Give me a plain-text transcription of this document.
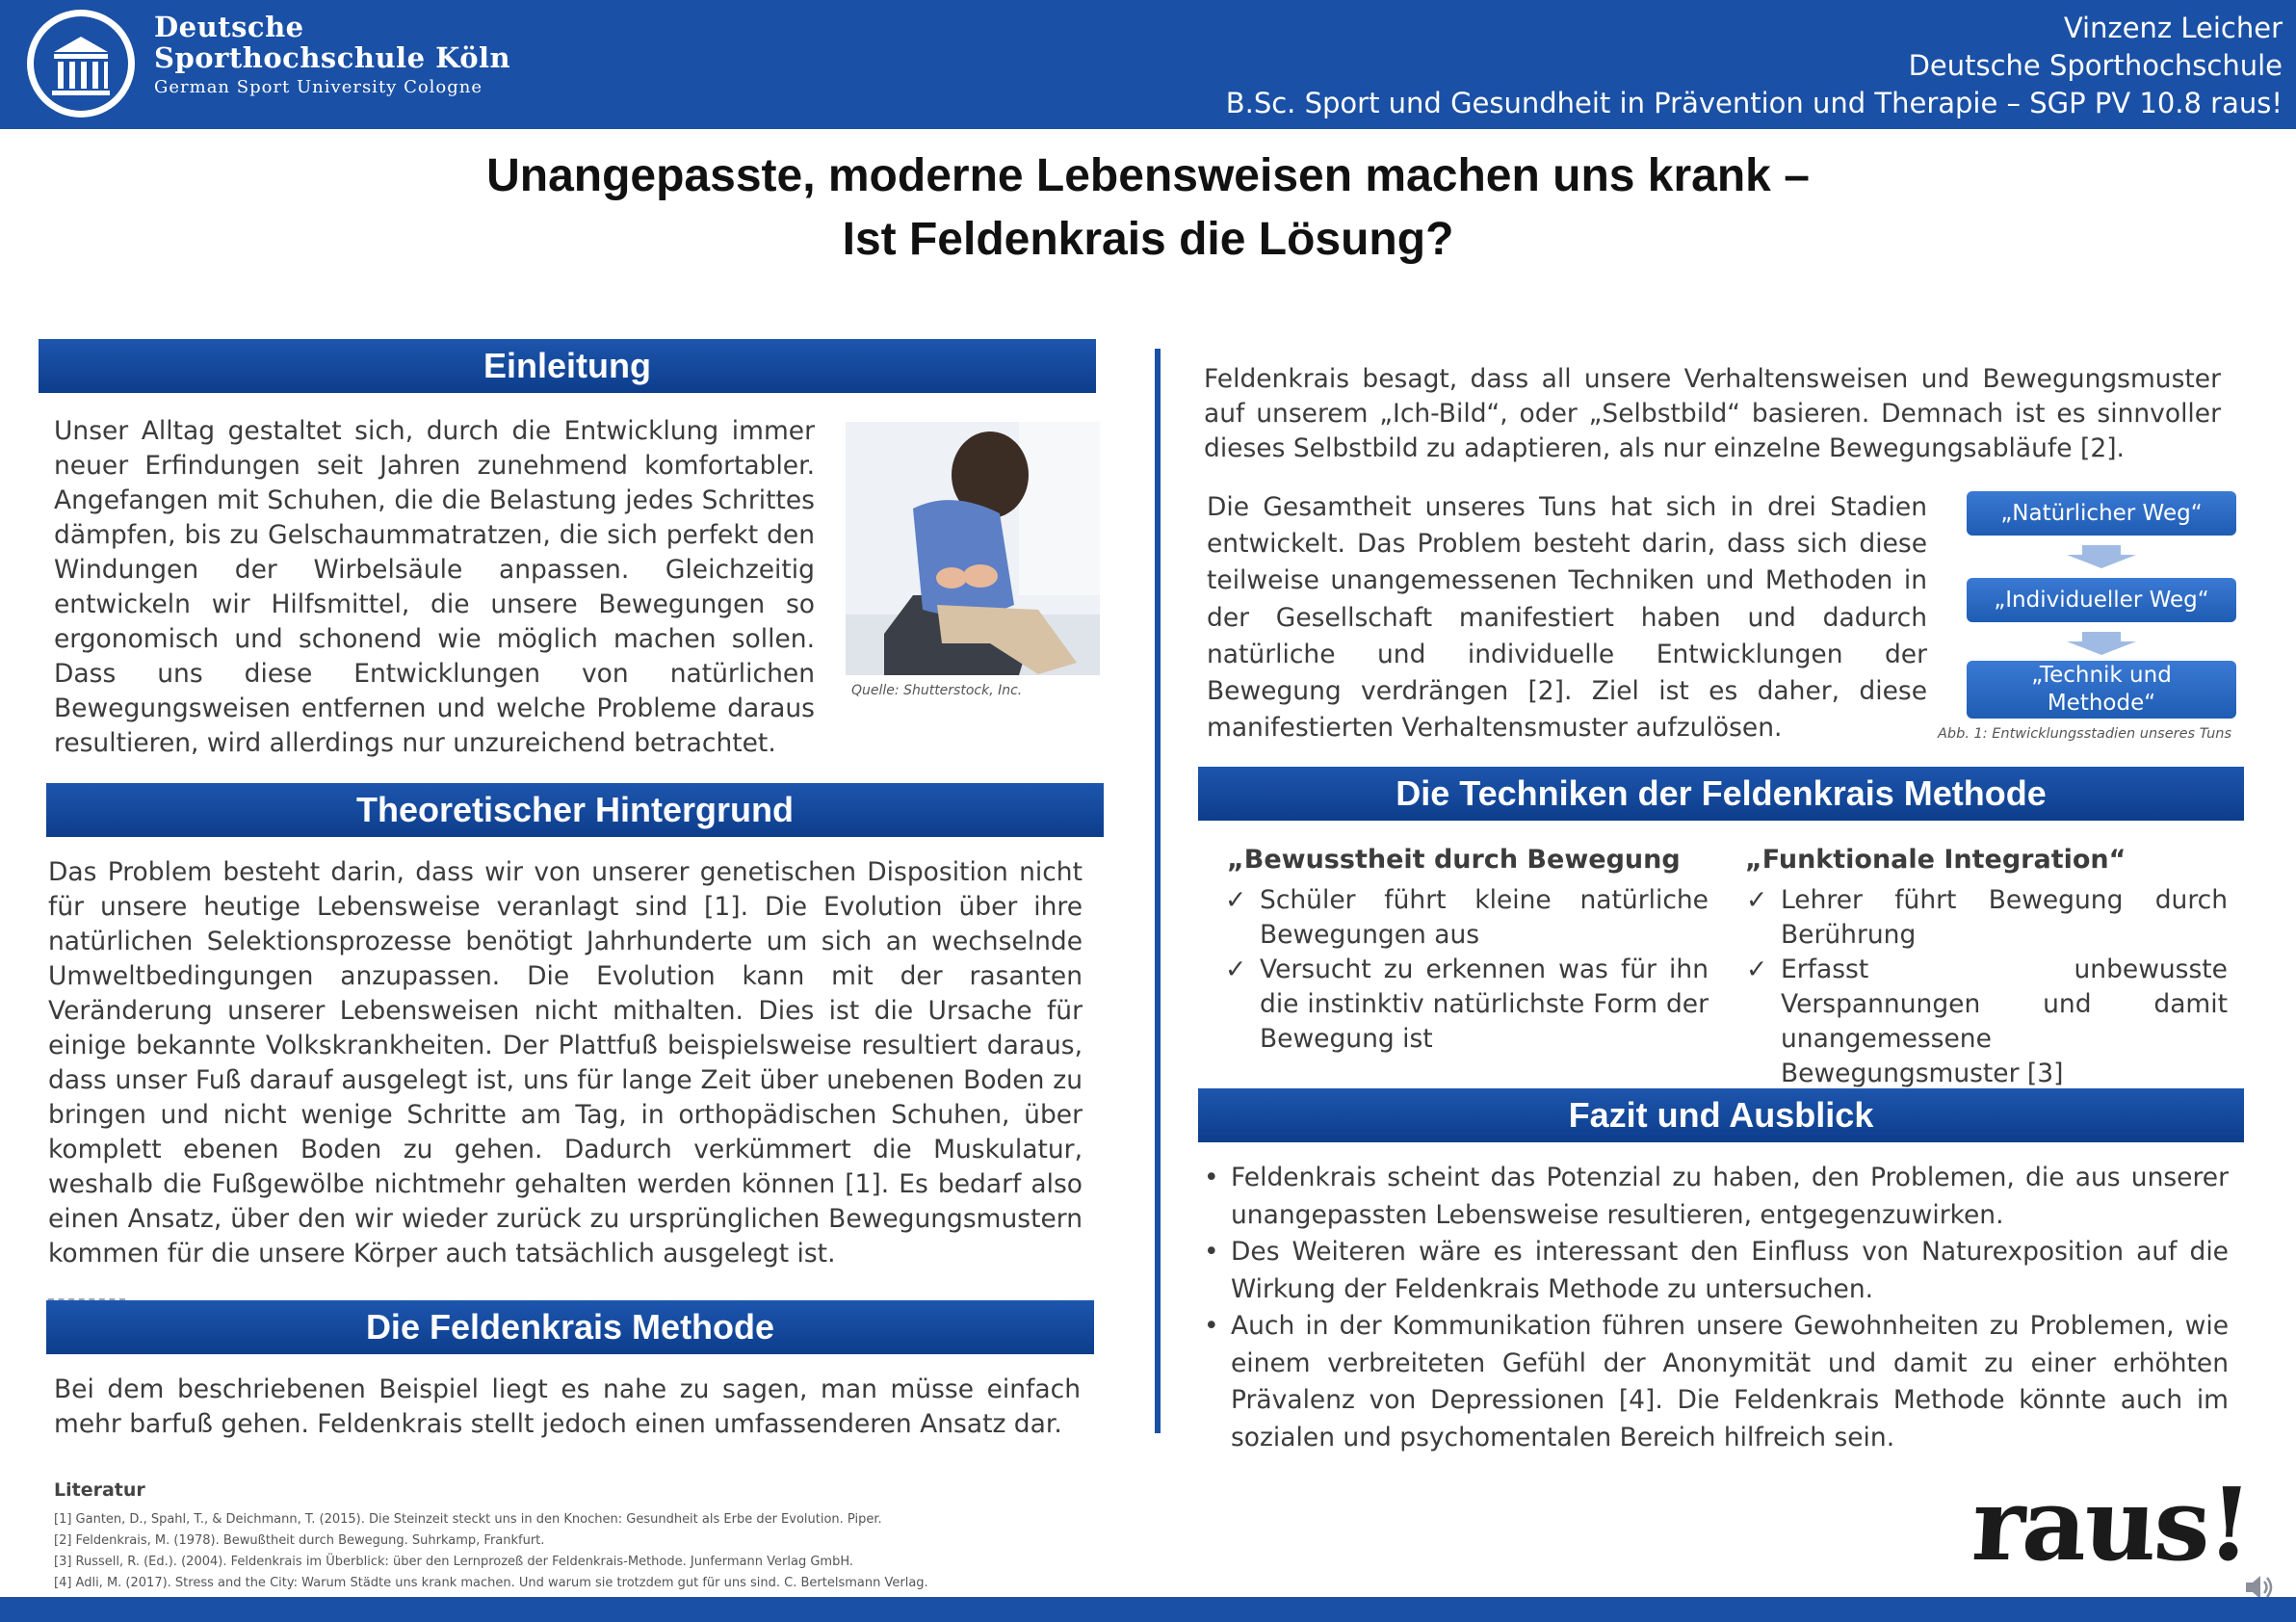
Deutsche
Sporthochschule Köln
German Sport University Cologne
Vinzenz Leicher
Deutsche Sporthochschule
B.Sc. Sport und Gesundheit in Prävention und Therapie – SGP PV 10.8 raus!
Unangepasste, moderne Lebensweisen machen uns krank –
Ist Feldenkrais die Lösung?
Einleitung
Unser Alltag gestaltet sich, durch die Entwicklung immer neuer Erfindungen seit Jahren zunehmend komfortabler. Angefangen mit Schuhen, die die Belastung jedes Schrittes dämpfen, bis zu Gelschaummatratzen, die sich perfekt den Windungen der Wirbelsäule anpassen. Gleichzeitig entwickeln wir Hilfsmittel, die unsere Bewegungen so ergonomisch und schonend wie möglich machen sollen. Dass uns diese Entwicklungen von natürlichen Bewegungsweisen entfernen und welche Probleme daraus resultieren, wird allerdings nur unzureichend betrachtet.
Quelle: Shutterstock, Inc.
Theoretischer Hintergrund
Das Problem besteht darin, dass wir von unserer genetischen Disposition nicht für unsere heutige Lebensweise veranlagt sind [1]. Die Evolution über ihre natürlichen Selektionsprozesse benötigt Jahrhunderte um sich an wechselnde Umweltbedingungen anzupassen. Die Evolution kann mit der rasanten Veränderung unserer Lebensweisen nicht mithalten. Dies ist die Ursache für einige bekannte Volkskrankheiten. Der Plattfuß beispielsweise resultiert daraus, dass unser Fuß darauf ausgelegt ist, uns für lange Zeit über unebenen Boden zu bringen und nicht wenige Schritte am Tag, in orthopädischen Schuhen, über komplett ebenen Boden zu gehen. Dadurch verkümmert die Muskulatur, weshalb die Fußgewölbe nichtmehr gehalten werden können [1]. Es bedarf also einen Ansatz, über den wir wieder zurück zu ursprünglichen Bewegungsmustern kommen für die unsere Körper auch tatsächlich ausgelegt ist.
Die Feldenkrais Methode
Bei dem beschriebenen Beispiel liegt es nahe zu sagen, man müsse einfach mehr barfuß gehen. Feldenkrais stellt jedoch einen umfassenderen Ansatz dar.
Literatur
[1] Ganten, D., Spahl, T., & Deichmann, T. (2015). Die Steinzeit steckt uns in den Knochen: Gesundheit als Erbe der Evolution. Piper.
[2] Feldenkrais, M. (1978). Bewußtheit durch Bewegung. Suhrkamp, Frankfurt.
[3] Russell, R. (Ed.). (2004). Feldenkrais im Überblick: über den Lernprozeß der Feldenkrais-Methode. Junfermann Verlag GmbH.
[4] Adli, M. (2017). Stress and the City: Warum Städte uns krank machen. Und warum sie trotzdem gut für uns sind. C. Bertelsmann Verlag.
Feldenkrais besagt, dass all unsere Verhaltensweisen und Bewegungsmuster auf unserem „Ich-Bild“, oder „Selbstbild“ basieren. Demnach ist es sinnvoller dieses Selbstbild zu adaptieren, als nur einzelne Bewegungsabläufe [2].
Die Gesamtheit unseres Tuns hat sich in drei Stadien entwickelt. Das Problem besteht darin, dass sich diese teilweise unangemessenen Techniken und Methoden in der Gesellschaft manifestiert haben und dadurch natürliche und individuelle Entwicklungen der Bewegung verdrängen [2]. Ziel ist es daher, diese manifestierten Verhaltensmuster aufzulösen.
„Natürlicher Weg“
„Individueller Weg“
„Technik und Methode“
Abb. 1: Entwicklungsstadien unseres Tuns
Die Techniken der Feldenkrais Methode
„Bewusstheit durch Bewegung
✓ Schüler führt kleine natürliche Bewegungen aus
✓ Versucht zu erkennen was für ihn die instinktiv natürlichste Form der Bewegung ist
„Funktionale Integration“
✓ Lehrer führt Bewegung durch Berührung
✓ Erfasst unbewusste Verspannungen und damit unangemessene Bewegungsmuster [3]
Fazit und Ausblick
• Feldenkrais scheint das Potenzial zu haben, den Problemen, die aus unserer unangepassten Lebensweise resultieren, entgegenzuwirken.
• Des Weiteren wäre es interessant den Einfluss von Naturexposition auf die Wirkung der Feldenkrais Methode zu untersuchen.
• Auch in der Kommunikation führen unsere Gewohnheiten zu Problemen, wie einem verbreiteten Gefühl der Anonymität und damit zu einer erhöhten Prävalenz von Depressionen [4]. Die Feldenkrais Methode könnte auch im sozialen und psychomentalen Bereich hilfreich sein.
raus!
